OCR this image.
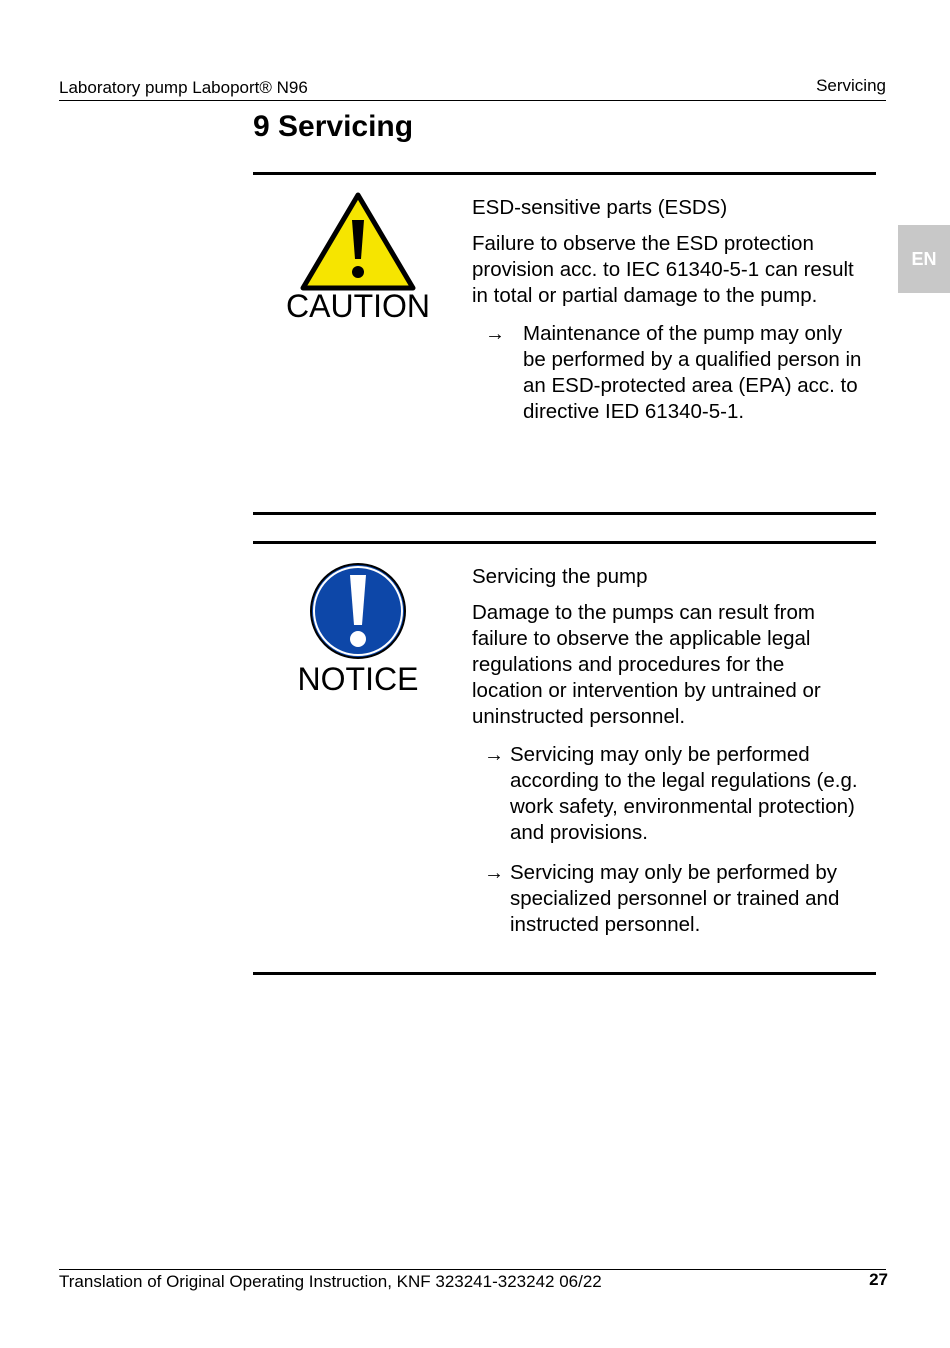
Laboratory pump Laboport® N96	Servicing
EN
9 Servicing
CAUTION

ESD-sensitive parts (ESDS)

Failure to observe the ESD protection provision acc. to IEC 61340-5-1 can result in total or partial damage to the pump.

→ Maintenance of the pump may only be performed by a qualified person in an ESD-protected area (EPA) acc. to directive IED 61340-5-1.
NOTICE

Servicing the pump

Damage to the pumps can result from failure to observe the applicable legal regulations and procedures for the location or intervention by untrained or uninstructed personnel.

→ Servicing may only be performed according to the legal regulations (e.g. work safety, environmental protection) and provisions.
→ Servicing may only be performed by specialized personnel or trained and instructed personnel.
Translation of Original Operating Instruction, KNF 323241-323242 06/22	27
